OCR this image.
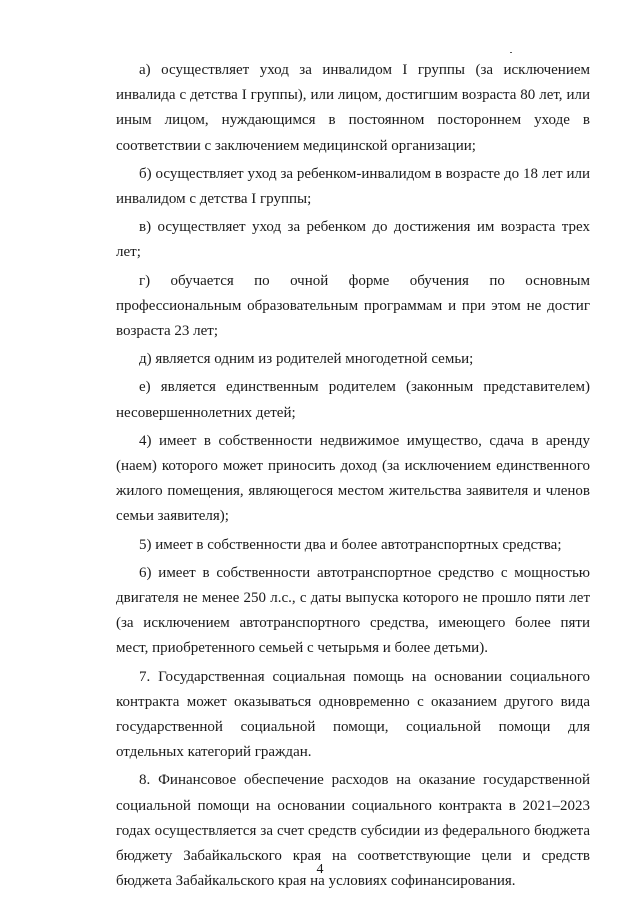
а) осуществляет уход за инвалидом I группы (за исключением инвалида с детства I группы), или лицом, достигшим возраста 80 лет, или иным лицом, нуждающимся в постоянном постороннем уходе в соответствии с заключением медицинской организации;

б) осуществляет уход за ребенком-инвалидом в возрасте до 18 лет или инвалидом с детства I группы;

в) осуществляет уход за ребенком до достижения им возраста трех лет;

г) обучается по очной форме обучения по основным профессиональным образовательным программам и при этом не достиг возраста 23 лет;

д) является одним из родителей многодетной семьи;

е) является единственным родителем (законным представителем) несовершеннолетних детей;

4) имеет в собственности недвижимое имущество, сдача в аренду (наем) которого может приносить доход (за исключением единственного жилого помещения, являющегося местом жительства заявителя и членов семьи заявителя);

5) имеет в собственности два и более автотранспортных средства;

6) имеет в собственности автотранспортное средство с мощностью двигателя не менее 250 л.с., с даты выпуска которого не прошло пяти лет (за исключением автотранспортного средства, имеющего более пяти мест, приобретенного семьей с четырьмя и более детьми).

7. Государственная социальная помощь на основании социального контракта может оказываться одновременно с оказанием другого вида государственной социальной помощи, социальной помощи для отдельных категорий граждан.

8. Финансовое обеспечение расходов на оказание государственной социальной помощи на основании социального контракта в 2021–2023 годах осуществляется за счет средств субсидии из федерального бюджета бюджету Забайкальского края на соответствующие цели и средств бюджета Забайкальского края на условиях софинансирования.

4
